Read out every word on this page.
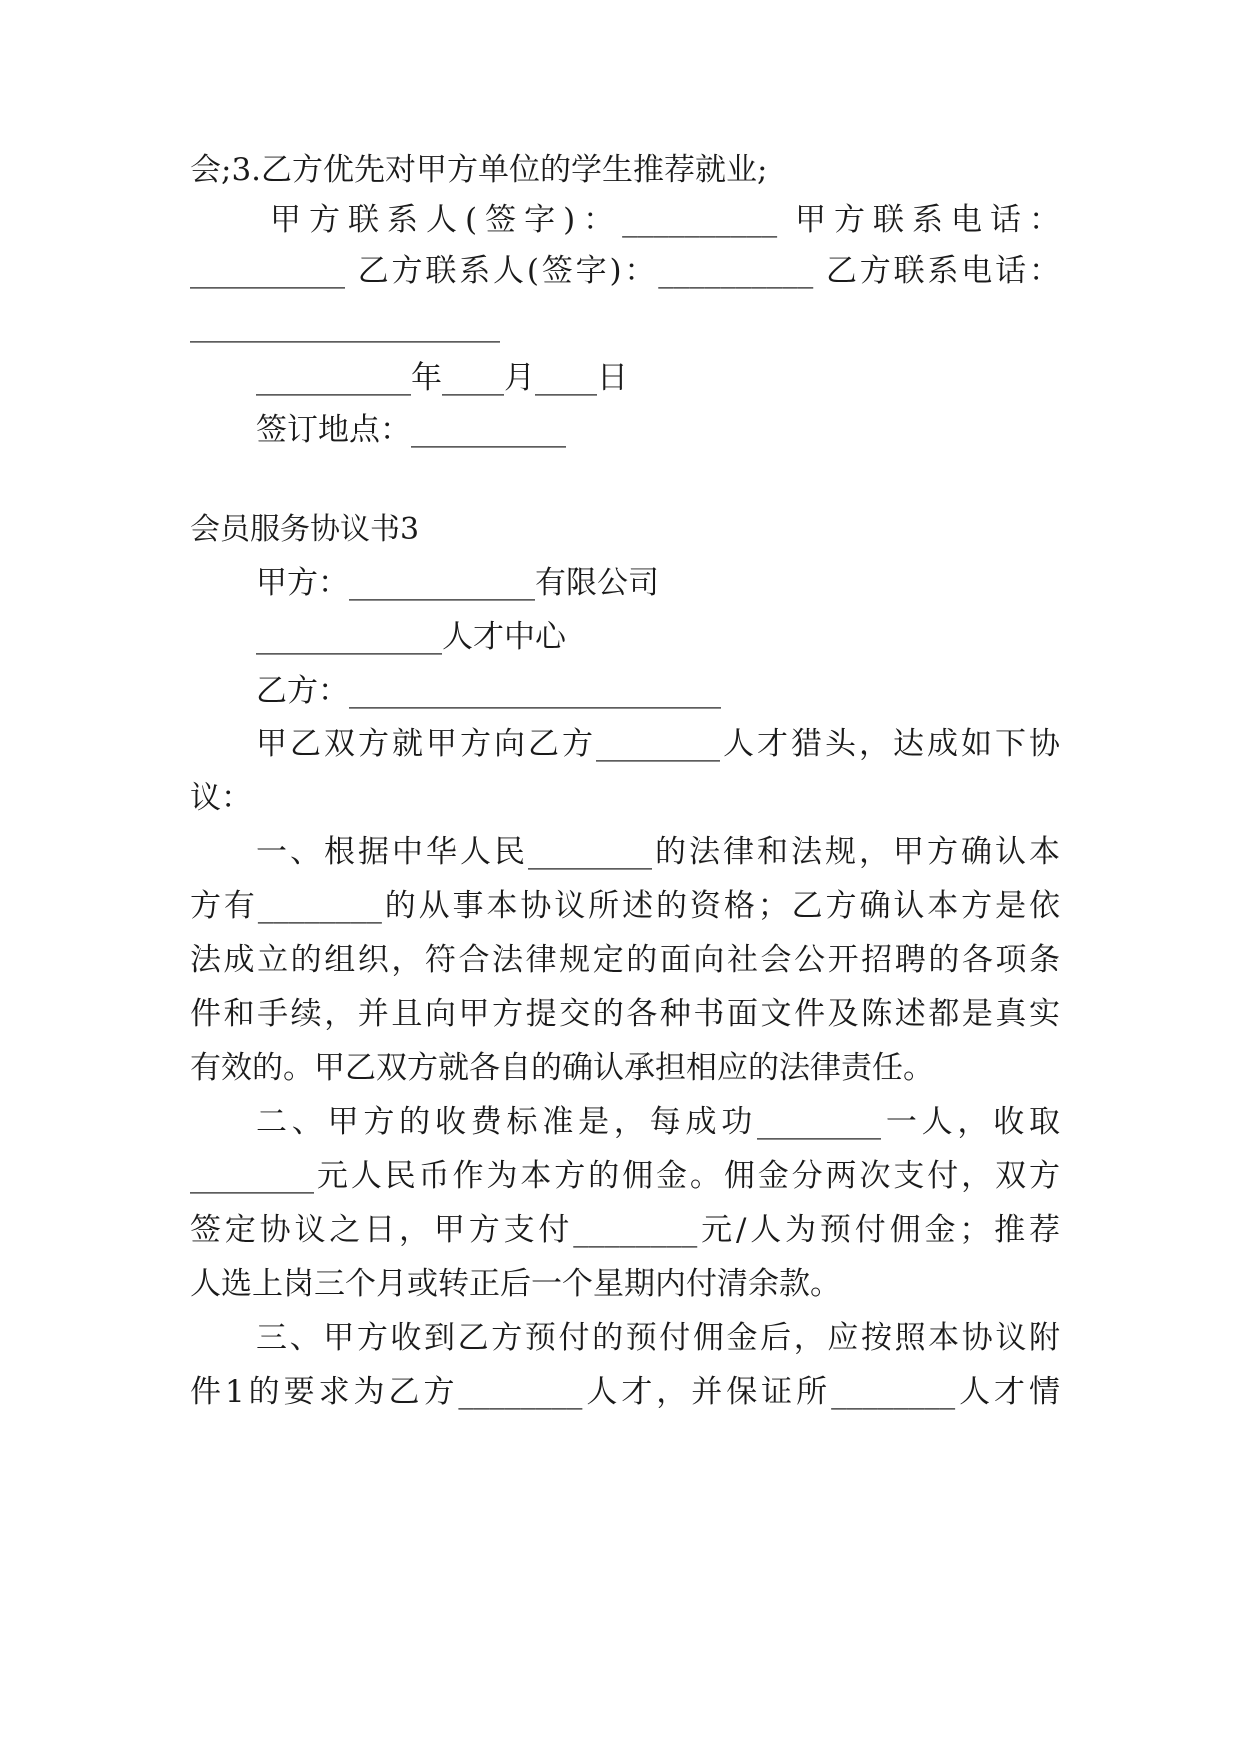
会;3.乙方优先对甲方单位的学生推荐就业;

甲方联系人(签字)：__________ 甲方联系电话：

__________ 乙方联系人(签字)：__________ 乙方联系电话：

____________________

__________年____月____日

签订地点：__________

会员服务协议书3

甲方：____________有限公司

____________人才中心

乙方：________________________

甲乙双方就甲方向乙方________人才猎头，达成如下协

议：

一、根据中华人民________的法律和法规，甲方确认本

方有________的从事本协议所述的资格；乙方确认本方是依

法成立的组织，符合法律规定的面向社会公开招聘的各项条

件和手续，并且向甲方提交的各种书面文件及陈述都是真实

有效的。甲乙双方就各自的确认承担相应的法律责任。

二、甲方的收费标准是，每成功________一人，收取

________元人民币作为本方的佣金。佣金分两次支付，双方

签定协议之日，甲方支付________元/人为预付佣金；推荐

人选上岗三个月或转正后一个星期内付清余款。

三、甲方收到乙方预付的预付佣金后，应按照本协议附

件1的要求为乙方________人才，并保证所________人才情
